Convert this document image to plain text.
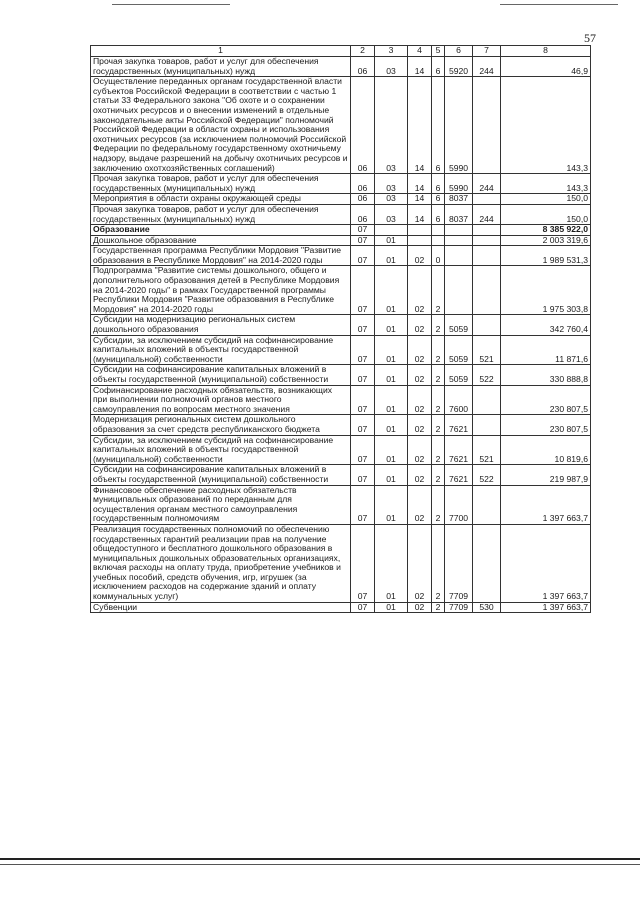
57
1	2	3	4	5	6	7	8
Прочая закупка товаров, работ и услуг для обеспечения государственных (муниципальных) нужд	06	03	14	6	5920	244	46,9
Осуществление переданных органам государственной власти субъектов Российской Федерации в соответствии с частью 1 статьи 33 Федерального закона "Об охоте и о сохранении охотничьих ресурсов и о внесении изменений в отдельные законодательные акты Российской Федерации" полномочий Российской Федерации в области охраны и использования охотничьих ресурсов (за исключением полномочий Российской Федерации по федеральному государственному охотничьему надзору, выдаче разрешений на добычу охотничьих ресурсов и заключению охотхозяйственных соглашений)	06	03	14	6	5990		143,3
Прочая закупка товаров, работ и услуг для обеспечения государственных (муниципальных) нужд	06	03	14	6	5990	244	143,3
Мероприятия в области охраны окружающей среды	06	03	14	6	8037		150,0
Прочая закупка товаров, работ и услуг для обеспечения государственных (муниципальных) нужд	06	03	14	6	8037	244	150,0
Образование	07						8 385 922,0
Дошкольное образование	07	01					2 003 319,6
Государственная программа Республики Мордовия "Развитие образования в Республике Мордовия" на 2014-2020 годы	07	01	02	0			1 989 531,3
Подпрограмма "Развитие системы дошкольного, общего и дополнительного образования детей в Республике Мордовия на 2014-2020 годы" в рамках Государственной программы Республики Мордовия "Развитие образования в Республике Мордовия" на 2014-2020 годы	07	01	02	2			1 975 303,8
Субсидии на модернизацию региональных систем дошкольного образования	07	01	02	2	5059		342 760,4
Субсидии, за исключением субсидий на софинансирование капитальных вложений в объекты государственной (муниципальной) собственности	07	01	02	2	5059	521	11 871,6
Субсидии на софинансирование капитальных вложений в объекты государственной (муниципальной) собственности	07	01	02	2	5059	522	330 888,8
Софинансирование расходных обязательств, возникающих при выполнении полномочий органов местного самоуправления по вопросам местного значения	07	01	02	2	7600		230 807,5
Модернизация региональных систем дошкольного образования за счет средств республиканского бюджета	07	01	02	2	7621		230 807,5
Субсидии, за исключением субсидий на софинансирование капитальных вложений в объекты государственной (муниципальной) собственности	07	01	02	2	7621	521	10 819,6
Субсидии на софинансирование капитальных вложений в объекты государственной (муниципальной) собственности	07	01	02	2	7621	522	219 987,9
Финансовое обеспечение расходных обязательств муниципальных образований по переданным для осуществления органам местного самоуправления государственным полномочиям	07	01	02	2	7700		1 397 663,7
Реализация государственных полномочий по обеспечению государственных гарантий реализации прав на получение общедоступного и бесплатного дошкольного образования в муниципальных дошкольных образовательных организациях, включая расходы на оплату труда, приобретение учебников и учебных пособий, средств обучения, игр, игрушек (за исключением расходов на содержание зданий и оплату коммунальных услуг)	07	01	02	2	7709		1 397 663,7
Субвенции	07	01	02	2	7709	530	1 397 663,7
